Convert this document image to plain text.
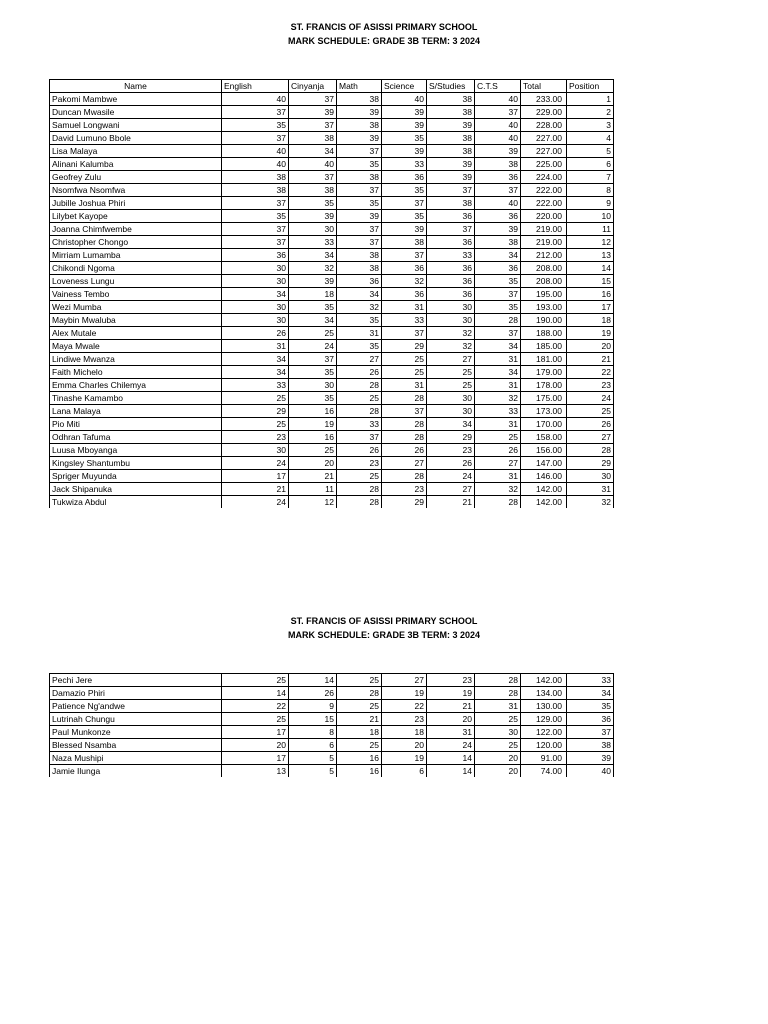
ST. FRANCIS OF ASISSI PRIMARY SCHOOL
MARK SCHEDULE: GRADE 3B TERM: 3 2024
Name	English	Cinyanja	Math	Science	S/Studies	C.T.S	Total	Position
Pakomi Mambwe	40	37	38	40	38	40	233.00	1
Duncan Mwasile	37	39	39	39	38	37	229.00	2
Samuel Longwani	35	37	38	39	39	40	228.00	3
David Lumuno Bbole	37	38	39	35	38	40	227.00	4
Lisa Malaya	40	34	37	39	38	39	227.00	5
Alinani Kalumba	40	40	35	33	39	38	225.00	6
Geofrey Zulu	38	37	38	36	39	36	224.00	7
Nsomfwa Nsomfwa	38	38	37	35	37	37	222.00	8
Jubille Joshua Phiri	37	35	35	37	38	40	222.00	9
Lilybet Kayope	35	39	39	35	36	36	220.00	10
Joanna Chimfwembe	37	30	37	39	37	39	219.00	11
Christopher Chongo	37	33	37	38	36	38	219.00	12
Mirriam Lumamba	36	34	38	37	33	34	212.00	13
Chikondi Ngoma	30	32	38	36	36	36	208.00	14
Loveness Lungu	30	39	36	32	36	35	208.00	15
Vainess Tembo	34	18	34	36	36	37	195.00	16
Wezi Mumba	30	35	32	31	30	35	193.00	17
Maybin Mwaluba	30	34	35	33	30	28	190.00	18
Alex Mutale	26	25	31	37	32	37	188.00	19
Maya Mwale	31	24	35	29	32	34	185.00	20
Lindiwe Mwanza	34	37	27	25	27	31	181.00	21
Faith Michelo	34	35	26	25	25	34	179.00	22
Emma Charles Chilemya	33	30	28	31	25	31	178.00	23
Tinashe Kamambo	25	35	25	28	30	32	175.00	24
Lana Malaya	29	16	28	37	30	33	173.00	25
Pio Miti	25	19	33	28	34	31	170.00	26
Odhran Tafuma	23	16	37	28	29	25	158.00	27
Luusa Mboyanga	30	25	26	26	23	26	156.00	28
Kingsley Shantumbu	24	20	23	27	26	27	147.00	29
Spriger Muyunda	17	21	25	28	24	31	146.00	30
Jack Shipanuka	21	11	28	23	27	32	142.00	31
Tukwiza Abdul	24	12	28	29	21	28	142.00	32
ST. FRANCIS OF ASISSI PRIMARY SCHOOL
MARK SCHEDULE: GRADE 3B TERM: 3 2024
Pechi Jere	25	14	25	27	23	28	142.00	33
Damazio Phiri	14	26	28	19	19	28	134.00	34
Patience Ng'andwe	22	9	25	22	21	31	130.00	35
Lutrinah Chungu	25	15	21	23	20	25	129.00	36
Paul Munkonze	17	8	18	18	31	30	122.00	37
Blessed Nsamba	20	6	25	20	24	25	120.00	38
Naza Mushipi	17	5	16	19	14	20	91.00	39
Jamie Ilunga	13	5	16	6	14	20	74.00	40
